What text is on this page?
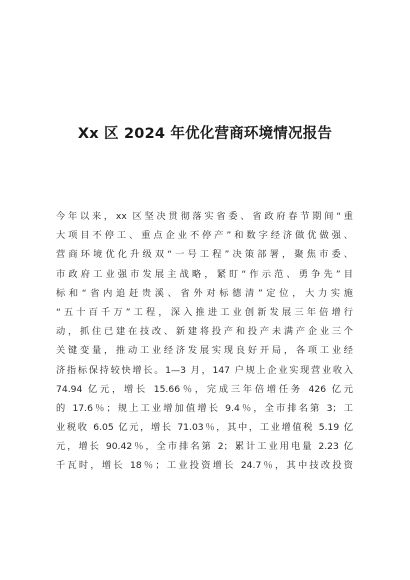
Xx 区 2024 年优化营商环境情况报告
今年以来，xx 区坚决贯彻落实省委、省政府春节期间“重
大项目不停工、重点企业不停产”和数字经济做优做强、
营商环境优化升级双“一号工程”决策部署，聚焦市委、
市政府工业强市发展主战略，紧盯“作示范、勇争先”目
标和“省内追赶贵溪、省外对标德清”定位，大力实施
“五十百千万”工程，深入推进工业创新发展三年倍增行
动，抓住已建在技改、新建将投产和投产未满产企业三个
关键变量，推动工业经济发展实现良好开局，各项工业经
济指标保持较快增长。1—3 月，147 户规上企业实现营业收入
74.94 亿元，增长 15.66％，完成三年倍增任务 426 亿元
的 17.6％；规上工业增加值增长 9.4％，全市排名第 3；工
业税收 6.05 亿元，增长 71.03％，其中，工业增值税 5.19 亿
元，增长 90.42％，全市排名第 2；累计工业用电量 2.23 亿
千瓦时，增长 18％；工业投资增长 24.7％，其中技改投资
